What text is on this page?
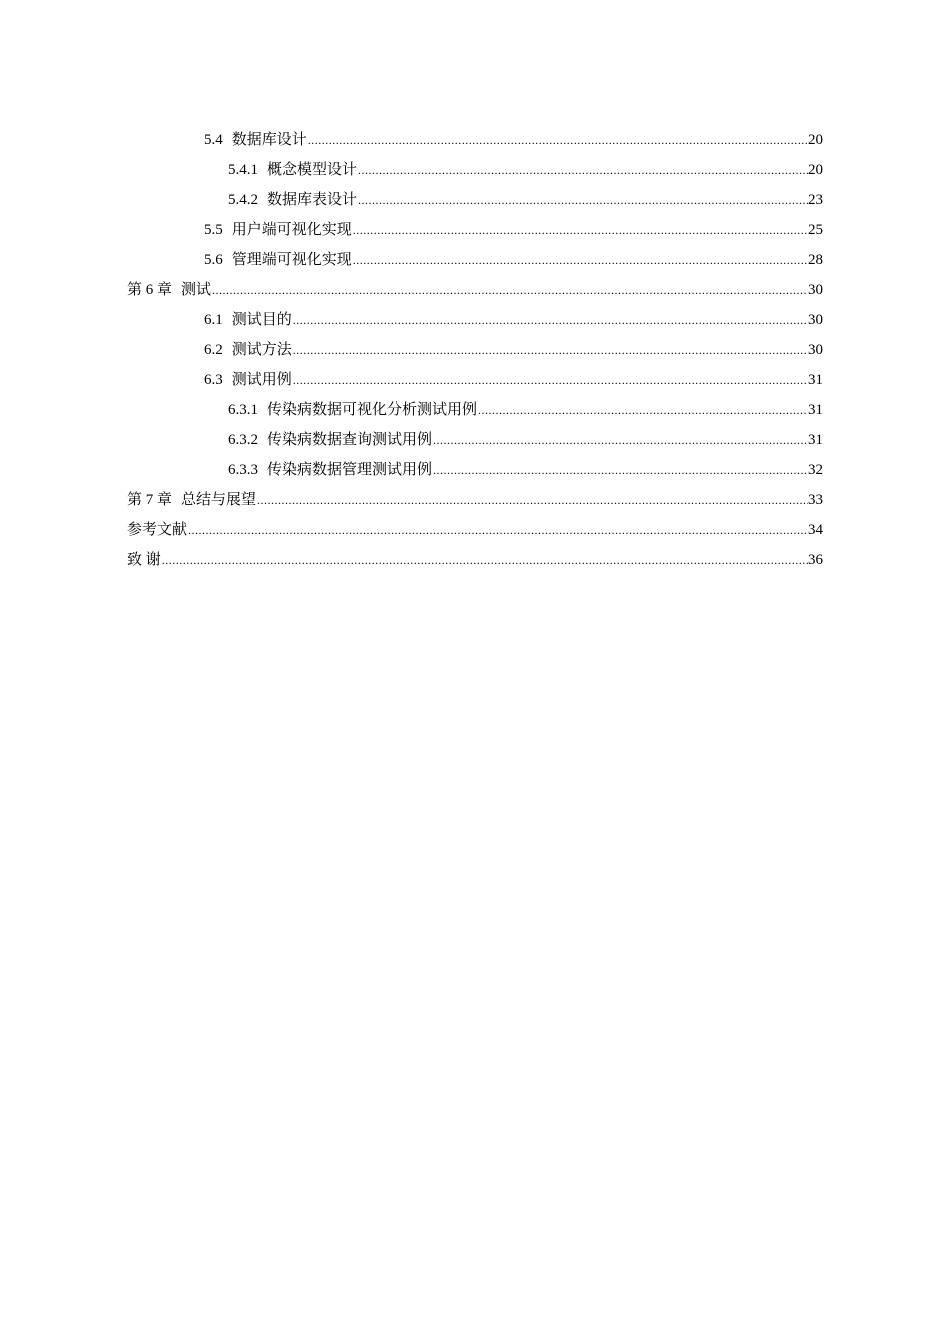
5.4 数据库设计 .....	20
5.4.1 概念模型设计 .....	20
5.4.2 数据库表设计 .....	23
5.5 用户端可视化实现 .....	25
5.6 管理端可视化实现 .....	28
第 6 章 测试 .....	30
6.1 测试目的 .....	30
6.2 测试方法 .....	30
6.3 测试用例 .....	31
6.3.1 传染病数据可视化分析测试用例 .....	31
6.3.2 传染病数据查询测试用例 .....	31
6.3.3 传染病数据管理测试用例 .....	32
第 7 章 总结与展望 .....	33
参考文献 .....	34
致 谢 .....	36
